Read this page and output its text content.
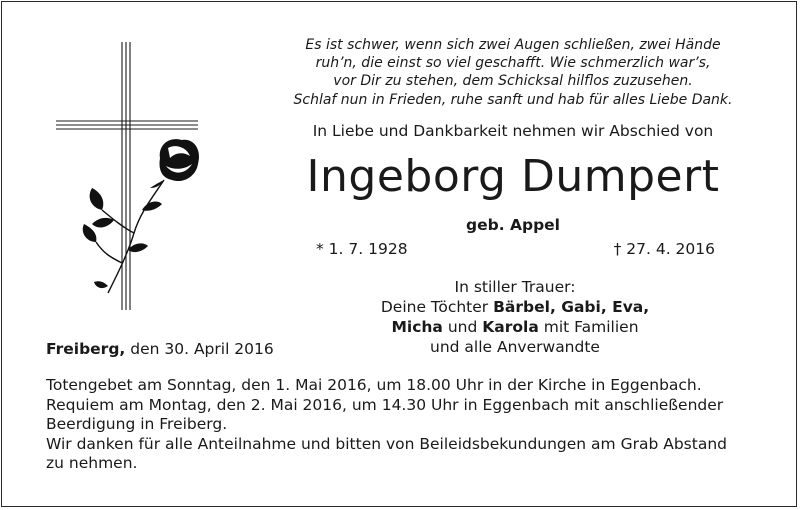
Es ist schwer, wenn sich zwei Augen schließen, zwei Hände
ruh’n, die einst so viel geschafft. Wie schmerzlich war’s,
vor Dir zu stehen, dem Schicksal hilflos zuzusehen.
Schlaf nun in Frieden, ruhe sanft und hab für alles Liebe Dank.
In Liebe und Dankbarkeit nehmen wir Abschied von
Ingeborg Dumpert
geb. Appel
* 1. 7. 1928	† 27. 4. 2016
In stiller Trauer:
Deine Töchter Bärbel, Gabi, Eva,
Micha und Karola mit Familien
und alle Anverwandte
Freiberg, den 30. April 2016
Totengebet am Sonntag, den 1. Mai 2016, um 18.00 Uhr in der Kirche in Eggenbach.
Requiem am Montag, den 2. Mai 2016, um 14.30 Uhr in Eggenbach mit anschließender
Beerdigung in Freiberg.
Wir danken für alle Anteilnahme und bitten von Beileidsbekundungen am Grab Abstand
zu nehmen.
